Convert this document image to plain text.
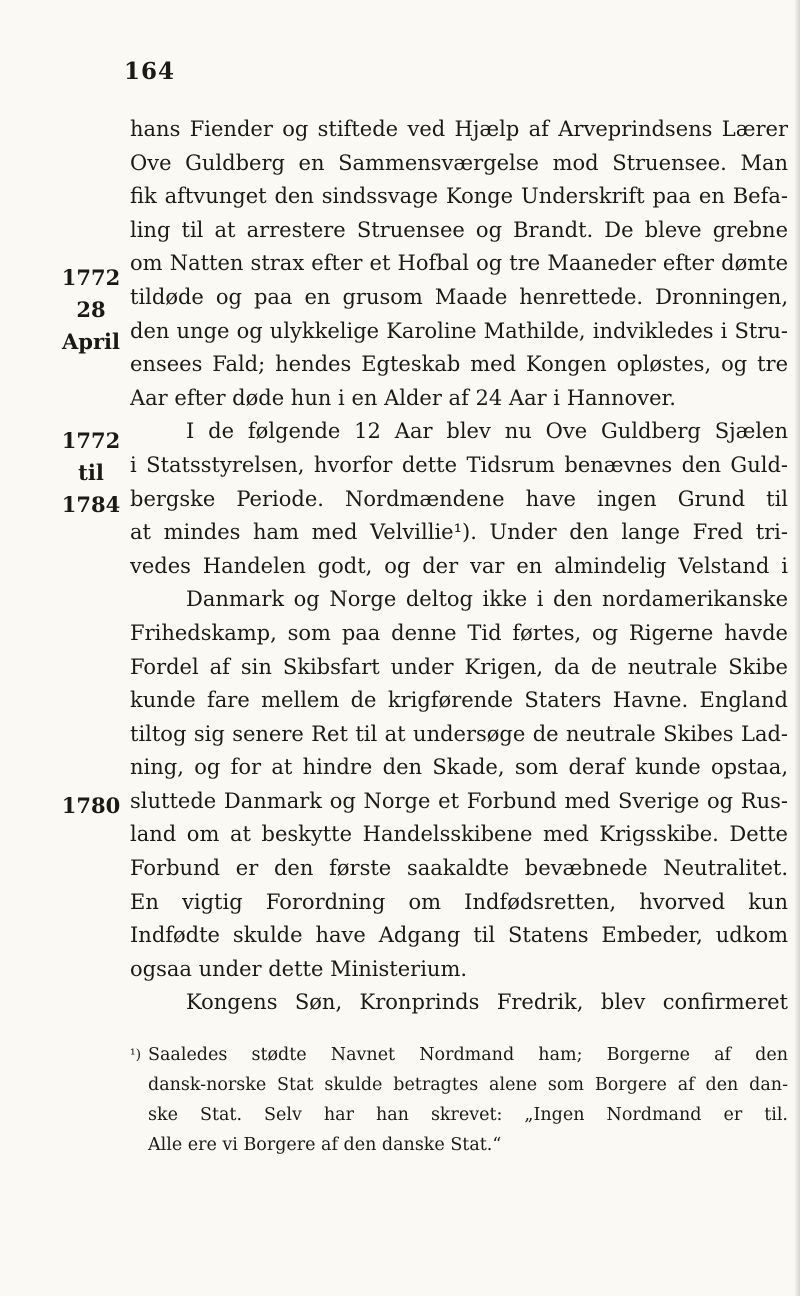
164
1772
28
April
1772
til
1784
1780
hans Fiender og stiftede ved Hjælp af Arveprindsens Lærer
Ove Guldberg en Sammensværgelse mod Struensee. Man
fik aftvunget den sindssvage Konge Underskrift paa en Befa-
ling til at arrestere Struensee og Brandt. De bleve grebne
om Natten strax efter et Hofbal og tre Maaneder efter dømte
tildøde og paa en grusom Maade henrettede. Dronningen,
den unge og ulykkelige Karoline Mathilde, indvikledes i Stru-
ensees Fald; hendes Egteskab med Kongen opløstes, og tre
Aar efter døde hun i en Alder af 24 Aar i Hannover.
I de følgende 12 Aar blev nu Ove Guldberg Sjælen
i Statsstyrelsen, hvorfor dette Tidsrum benævnes den Guld-
bergske Periode. Nordmændene have ingen Grund til
at mindes ham med Velvillie¹). Under den lange Fred tri-
vedes Handelen godt, og der var en almindelig Velstand i
Danmark og Norge deltog ikke i den nordamerikanske
Frihedskamp, som paa denne Tid førtes, og Rigerne havde
Fordel af sin Skibsfart under Krigen, da de neutrale Skibe
kunde fare mellem de krigførende Staters Havne. England
tiltog sig senere Ret til at undersøge de neutrale Skibes Lad-
ning, og for at hindre den Skade, som deraf kunde opstaa,
sluttede Danmark og Norge et Forbund med Sverige og Rus-
land om at beskytte Handelsskibene med Krigsskibe. Dette
Forbund er den første saakaldte bevæbnede Neutralitet.
En vigtig Forordning om Indfødsretten, hvorved kun
Indfødte skulde have Adgang til Statens Embeder, udkom
ogsaa under dette Ministerium.
Kongens Søn, Kronprinds Fredrik, blev confirmeret
¹) Saaledes stødte Navnet Nordmand ham; Borgerne af den
dansk-norske Stat skulde betragtes alene som Borgere af den dan-
ske Stat. Selv har han skrevet: „Ingen Nordmand er til.
Alle ere vi Borgere af den danske Stat.“
